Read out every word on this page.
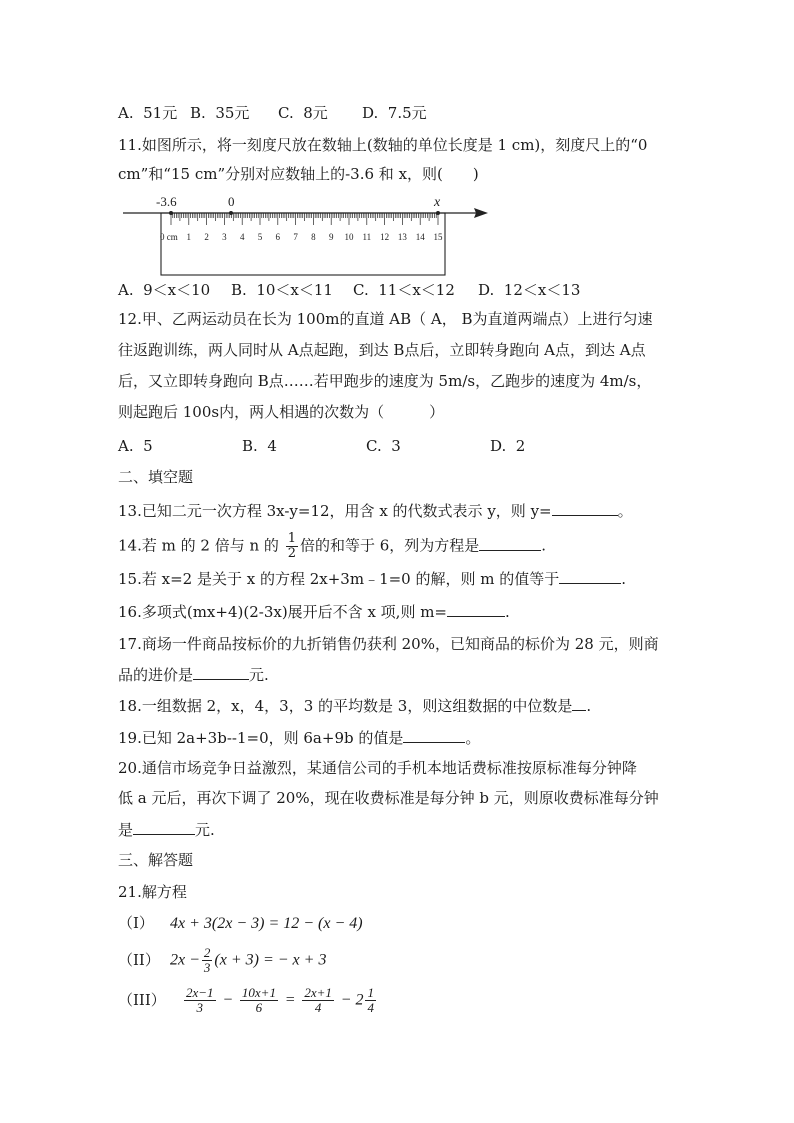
A.  51元 B.  35元 C.  8元 D.  7.5元
11.如图所示，将一刻度尺放在数轴上(数轴的单位长度是 1 cm)，刻度尺上的“0
cm”和“15 cm”分别对应数轴上的-3.6 和 x，则(　　)
-3.6	0	x
0 cm 1 2 3 4 5 6 7 8 9 10 11 12 13 14 15
A.  9＜x＜10 B.  10＜x＜11 C.  11＜x＜12 D.  12＜x＜13
12.甲、乙两运动员在长为 100m的直道 AB（ A， B为直道两端点）上进行匀速
往返跑训练，两人同时从 A点起跑，到达 B点后，立即转身跑向 A点，到达 A点
后，又立即转身跑向 B点……若甲跑步的速度为 5m/s，乙跑步的速度为 4m/s，
则起跑后 100s内，两人相遇的次数为（　　　）
A.  5	B.  4	C.  3	D.  2
二、填空题
13.已知二元一次方程 3x-y=12，用含 x 的代数式表示 y，则 y=	。
14.若 m 的 2 倍与 n 的 $\frac{1}{2}$ 倍的和等于 6，列为方程是	.
15.若 x=2 是关于 x 的方程 2x+3m﹣1=0 的解，则 m 的值等于	.
16.多项式(mx+4)(2-3x)展开后不含 x 项,则 m=	.
17.商场一件商品按标价的九折销售仍获利 20%，已知商品的标价为 28 元，则商
品的进价是	元.
18.一组数据 2，x，4，3，3 的平均数是 3，则这组数据的中位数是 .
19.已知 2a+3b--1=0，则 6a+9b 的值是	。
20.通信市场竞争日益激烈，某通信公司的手机本地话费标准按原标准每分钟降
低 a 元后，再次下调了 20%，现在收费标准是每分钟 b 元，则原收费标准每分钟
是	元.
三、解答题
21.解方程
（I） 4x + 3(2x − 3) = 12 − (x − 4)
（II） $2x - \frac{2}{3} (x + 3)$ = − x + 3
$(III) \frac{2x-1}{3} - \frac{10x+1}{6} = \frac{2x+1}{4} - 2 \frac{1}{4}$
